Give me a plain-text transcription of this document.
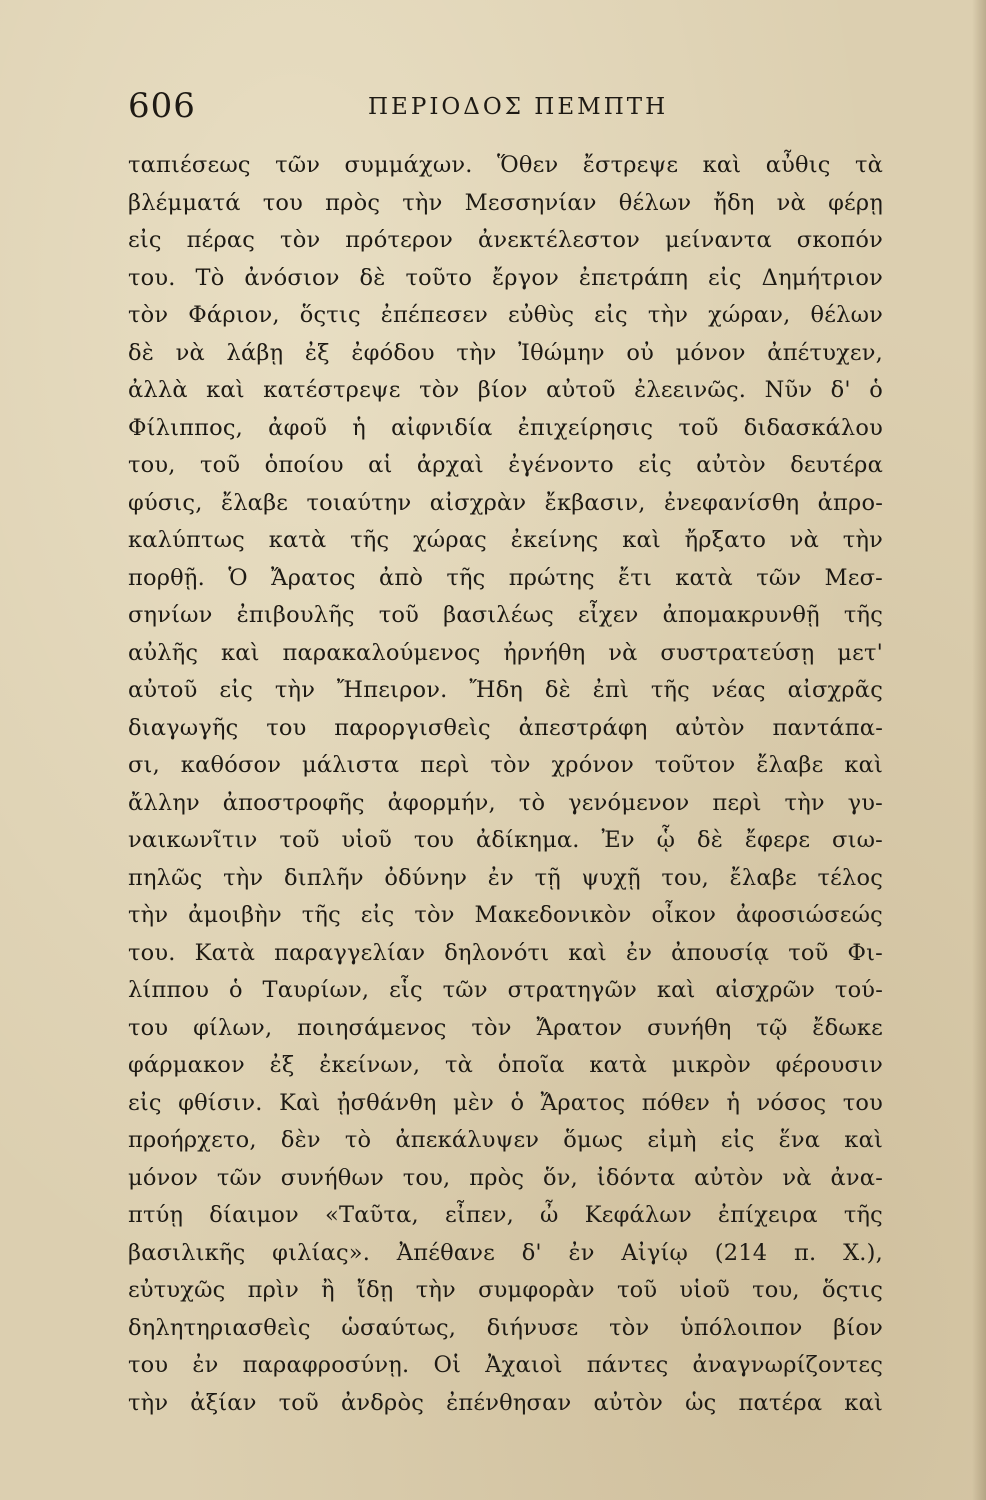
606	ΠΕΡΙΟΔΟΣ ΠΕΜΠΤΗ
ταπιέσεως τῶν συμμάχων. Ὅθεν ἔστρεψε καὶ αὖθις τὰ
βλέμματά του πρὸς τὴν Μεσσηνίαν θέλων ἤδη νὰ φέρῃ
εἰς πέρας τὸν πρότερον ἀνεκτέλεστον μείναντα σκοπόν
του. Τὸ ἀνόσιον δὲ τοῦτο ἔργον ἐπετράπη εἰς Δημήτριον
τὸν Φάριον, ὅςτις ἐπέπεσεν εὐθὺς εἰς τὴν χώραν, θέλων
δὲ νὰ λάβῃ ἐξ ἐφόδου τὴν Ἰθώμην οὐ μόνον ἀπέτυχεν,
ἀλλὰ καὶ κατέστρεψε τὸν βίον αὐτοῦ ἐλεεινῶς. Νῦν δ' ὁ
Φίλιππος, ἀφοῦ ἡ αἰφνιδία ἐπιχείρησις τοῦ διδασκάλου
του, τοῦ ὁποίου αἱ ἀρχαὶ ἐγένοντο εἰς αὐτὸν δευτέρα
φύσις, ἔλαβε τοιαύτην αἰσχρὰν ἔκβασιν, ἐνεφανίσθη ἀπρο-
καλύπτως κατὰ τῆς χώρας ἐκείνης καὶ ἤρξατο νὰ τὴν
πορθῇ. Ὁ Ἄρατος ἀπὸ τῆς πρώτης ἔτι κατὰ τῶν Μεσ-
σηνίων ἐπιβουλῆς τοῦ βασιλέως εἶχεν ἀπομακρυνθῇ τῆς
αὐλῆς καὶ παρακαλούμενος ἠρνήθη νὰ συστρατεύσῃ μετ'
αὐτοῦ εἰς τὴν Ἤπειρον. Ἤδη δὲ ἐπὶ τῆς νέας αἰσχρᾶς
διαγωγῆς του παροργισθεὶς ἀπεστράφη αὐτὸν παντάπα-
σι, καθόσον μάλιστα περὶ τὸν χρόνον τοῦτον ἔλαβε καὶ
ἄλλην ἀποστροφῆς ἀφορμήν, τὸ γενόμενον περὶ τὴν γυ-
ναικωνῖτιν τοῦ υἱοῦ του ἀδίκημα. Ἐν ᾧ δὲ ἔφερε σιω-
πηλῶς τὴν διπλῆν ὀδύνην ἐν τῇ ψυχῇ του, ἔλαβε τέλος
τὴν ἀμοιβὴν τῆς εἰς τὸν Μακεδονικὸν οἶκον ἀφοσιώσεώς
του. Κατὰ παραγγελίαν δηλονότι καὶ ἐν ἀπουσίᾳ τοῦ Φι-
λίππου ὁ Ταυρίων, εἷς τῶν στρατηγῶν καὶ αἰσχρῶν τού-
του φίλων, ποιησάμενος τὸν Ἄρατον συνήθη τῷ ἔδωκε
φάρμακον ἐξ ἐκείνων, τὰ ὁποῖα κατὰ μικρὸν φέρουσιν
εἰς φθίσιν. Καὶ ᾐσθάνθη μὲν ὁ Ἄρατος πόθεν ἡ νόσος του
προήρχετο, δὲν τὸ ἀπεκάλυψεν ὅμως εἰμὴ εἰς ἕνα καὶ
μόνον τῶν συνήθων του, πρὸς ὅν, ἰδόντα αὐτὸν νὰ ἀνα-
πτύῃ δίαιμον «Ταῦτα, εἶπεν, ὦ Κεφάλων ἐπίχειρα τῆς
βασιλικῆς φιλίας». Ἀπέθανε δ' ἐν Αἰγίῳ (214 π. Χ.),
εὐτυχῶς πρὶν ἢ ἴδῃ τὴν συμφορὰν τοῦ υἱοῦ του, ὅςτις
δηλητηριασθεὶς ὡσαύτως, διήνυσε τὸν ὑπόλοιπον βίον
του ἐν παραφροσύνῃ. Οἱ Ἀχαιοὶ πάντες ἀναγνωρίζοντες
τὴν ἀξίαν τοῦ ἀνδρὸς ἐπένθησαν αὐτὸν ὡς πατέρα καὶ
